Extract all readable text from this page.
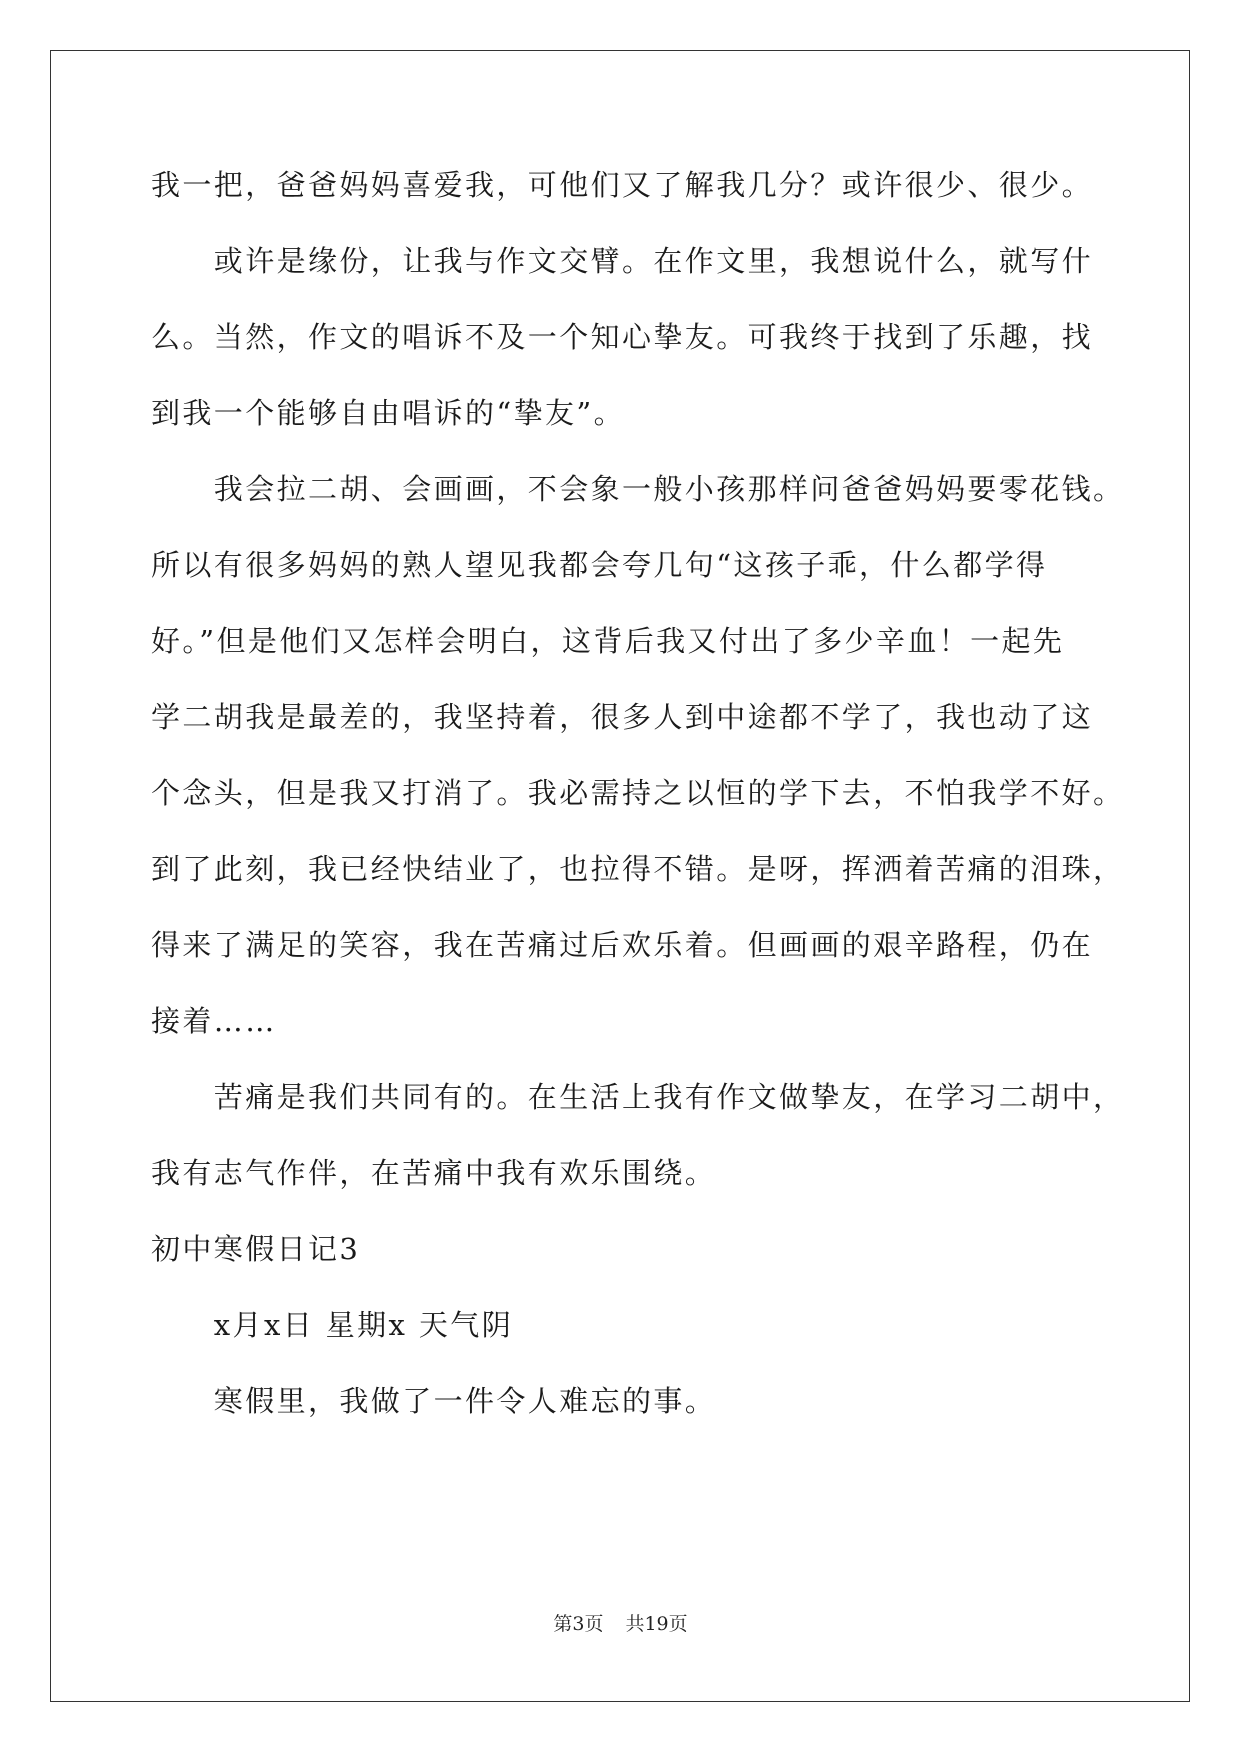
我一把，爸爸妈妈喜爱我，可他们又了解我几分？或许很少、很少。
　　或许是缘份，让我与作文交臂。在作文里，我想说什么，就写什
么。当然，作文的唱诉不及一个知心挚友。可我终于找到了乐趣，找
到我一个能够自由唱诉的“挚友”。
　　我会拉二胡、会画画，不会象一般小孩那样问爸爸妈妈要零花钱。
所以有很多妈妈的熟人望见我都会夸几句“这孩子乖，什么都学得
好。”但是他们又怎样会明白，这背后我又付出了多少辛血！一起先
学二胡我是最差的，我坚持着，很多人到中途都不学了，我也动了这
个念头，但是我又打消了。我必需持之以恒的学下去，不怕我学不好。
到了此刻，我已经快结业了，也拉得不错。是呀，挥洒着苦痛的泪珠，
得来了满足的笑容，我在苦痛过后欢乐着。但画画的艰辛路程，仍在
接着……
　　苦痛是我们共同有的。在生活上我有作文做挚友，在学习二胡中，
我有志气作伴，在苦痛中我有欢乐围绕。
初中寒假日记3
　　x月x日 星期x 天气阴
　　寒假里，我做了一件令人难忘的事。
第3页 共19页
